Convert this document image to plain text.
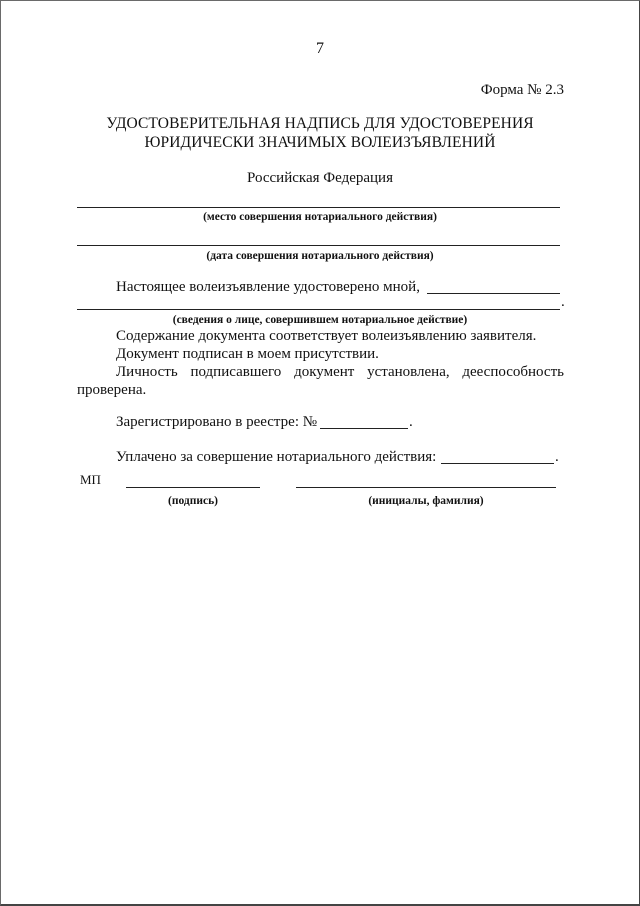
7
Форма № 2.3
УДОСТОВЕРИТЕЛЬНАЯ НАДПИСЬ ДЛЯ УДОСТОВЕРЕНИЯ
ЮРИДИЧЕСКИ ЗНАЧИМЫХ ВОЛЕИЗЪЯВЛЕНИЙ
Российская Федерация
(место совершения нотариального действия)
(дата совершения нотариального действия)
Настоящее волеизъявление удостоверено мной,
.
(сведения о лице, совершившем нотариальное действие)
Содержание документа соответствует волеизъявлению заявителя.
Документ подписан в моем присутствии.
Личность подписавшего документ установлена, дееспособность
проверена.
Зарегистрировано в реестре: №	.
Уплачено за совершение нотариального действия:	.
МП
(подпись)	(инициалы, фамилия)
